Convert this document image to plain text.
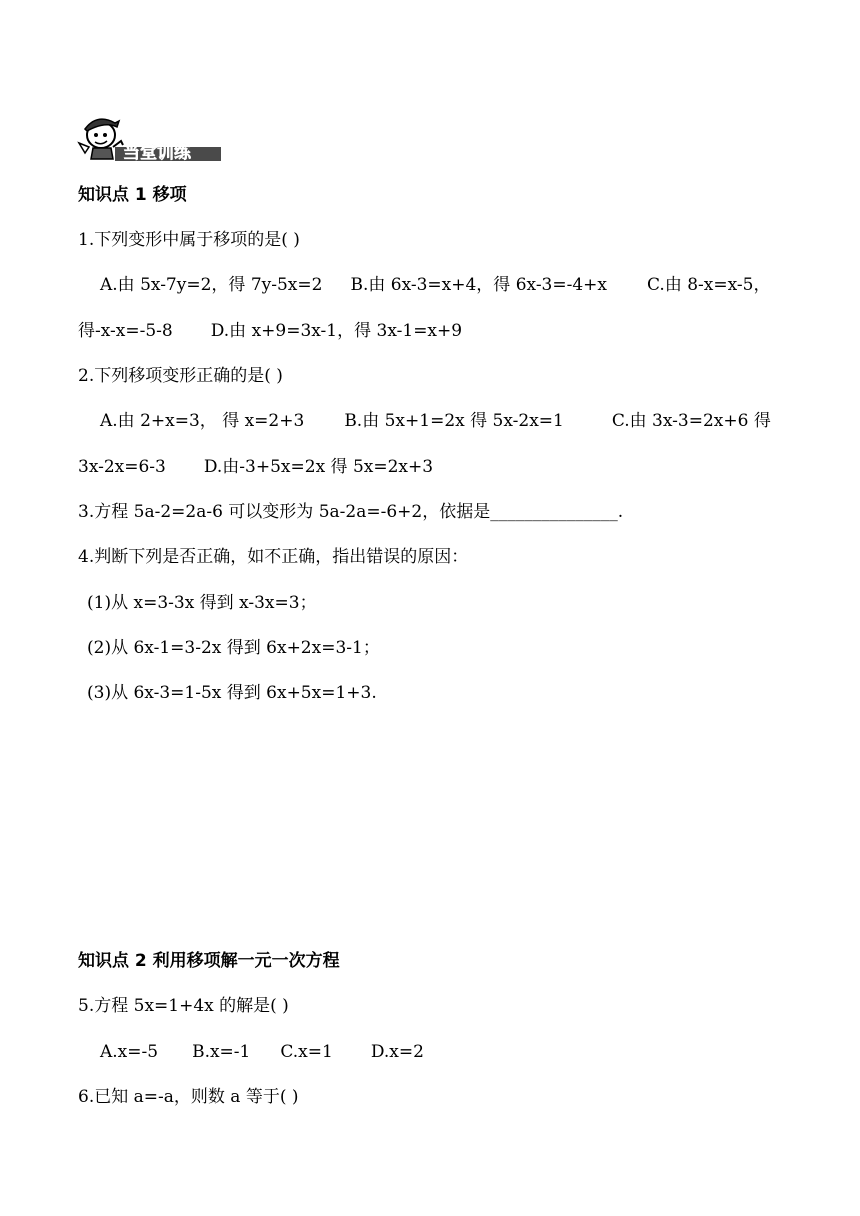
当堂训练
知识点 1 移项
1.下列变形中属于移项的是( )
A.由 5x-7y=2，得 7y-5x=2 B.由 6x-3=x+4，得 6x-3=-4+x C.由 8-x=x-5，
得-x-x=-5-8 D.由 x+9=3x-1，得 3x-1=x+9
2.下列移项变形正确的是( )
A.由 2+x=3， 得 x=2+3 B.由 5x+1=2x 得 5x-2x=1	C.由 3x-3=2x+6 得
3x-2x=6-3 D.由-3+5x=2x 得 5x=2x+3
3.方程 5a-2=2a-6 可以变形为 5a-2a=-6+2，依据是_______________.
4.判断下列是否正确，如不正确，指出错误的原因：
(1)从 x=3-3x 得到 x-3x=3；
(2)从 6x-1=3-2x 得到 6x+2x=3-1；
(3)从 6x-3=1-5x 得到 6x+5x=1+3.
知识点 2 利用移项解一元一次方程
5.方程 5x=1+4x 的解是( )
A.x=-5 B.x=-1 C.x=1 D.x=2
6.已知 a=-a，则数 a 等于( )
